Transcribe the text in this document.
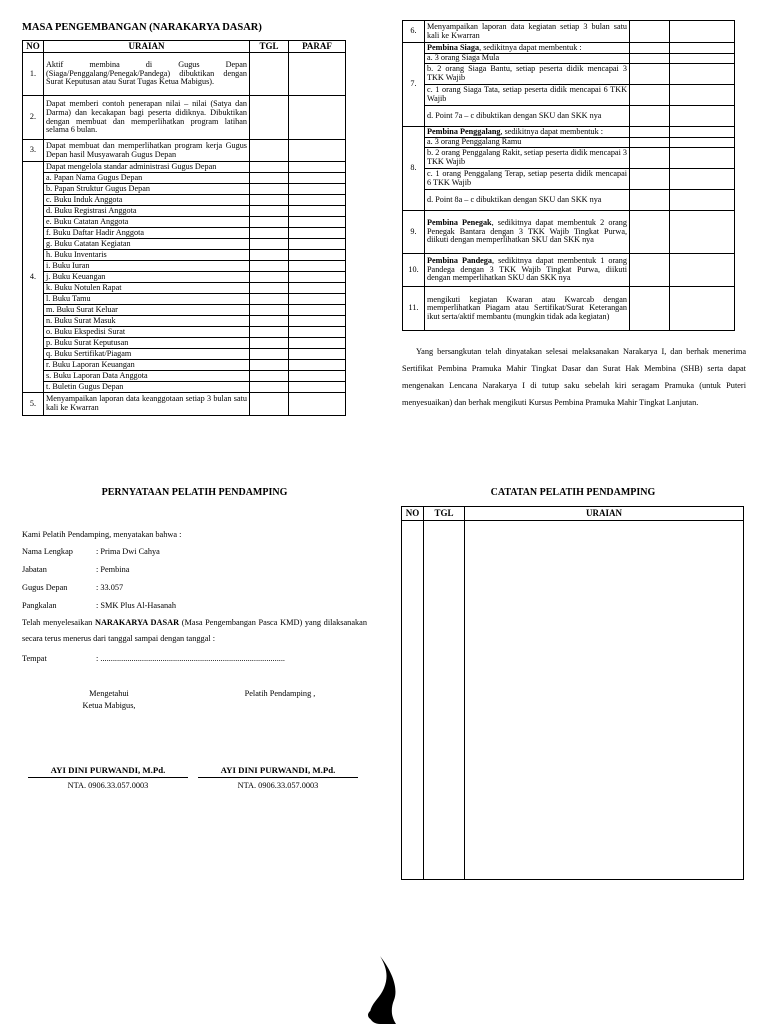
MASA PENGEMBANGAN (NARAKARYA DASAR)
NO	URAIAN	TGL	PARAF
1.	Aktif membina di Gugus Depan (Siaga/Penggalang/Penegak/Pandega) dibuktikan dengan Surat Keputusan atau Surat Tugas Ketua Mabigus).		
2.	Dapat memberi contoh penerapan nilai – nilai (Satya dan Darma) dan kecakapan bagi peserta didiknya. Dibuktikan dengan membuat dan memperlihatkan program latihan selama 6 bulan.		
3.	Dapat membuat dan memperlihatkan program kerja Gugus Depan hasil Musyawarah Gugus Depan		
4.	Dapat mengelola standar administrasi Gugus Depan		
	a. Papan Nama Gugus Depan		
	b. Papan Struktur Gugus Depan		
	c. Buku Induk Anggota		
	d. Buku Registrasi Anggota		
	e. Buku Catatan Anggota		
	f. Buku Daftar Hadir Anggota		
	g. Buku Catatan Kegiatan		
	h. Buku Inventaris		
	i. Buku Iuran		
	j. Buku Keuangan		
	k. Buku Notulen Rapat		
	l. Buku Tamu		
	m. Buku Surat Keluar		
	n. Buku Surat Masuk		
	o. Buku Ekspedisi Surat		
	p. Buku Surat Keputusan		
	q. Buku Sertifikat/Piagam		
	r. Buku Laporan Keuangan		
	s. Buku Laporan Data Anggota		
	t. Buletin Gugus Depan		
5.	Menyampaikan laporan data keanggotaan setiap 3 bulan satu kali ke Kwarran		
PERNYATAAN PELATIH PENDAMPING
Kami Pelatih Pendamping, menyatakan bahwa :
Nama Lengkap	: Prima Dwi Cahya
Jabatan	: Pembina
Gugus Depan	: 33.057
Pangkalan	: SMK Plus Al-Hasanah
Telah menyelesaikan NARAKARYA DASAR (Masa Pengembangan Pasca KMD) yang dilaksanakan secara terus menerus dari tanggal sampai dengan tanggal :
Tempat	: .........................................................................................
Mengetahui
Ketua Mabigus,
Pelatih Pendamping ,
AYI DINI PURWANDI, M.Pd.
NTA. 0906.33.057.0003
AYI DINI PURWANDI, M.Pd.
NTA. 0906.33.057.0003
6.	Menyampaikan laporan data kegiatan setiap 3 bulan satu kali ke Kwarran		
7.	Pembina Siaga, sedikitnya dapat membentuk :		
	a. 3 orang Siaga Mula		
	b. 2 orang Siaga Bantu, setiap peserta didik mencapai 3 TKK Wajib		
	c. 1 orang Siaga Tata, setiap peserta didik mencapai 6 TKK Wajib		
	d. Point 7a – c dibuktikan dengan SKU dan SKK nya		
8.	Pembina Penggalang, sedikitnya dapat membentuk :		
	a. 3 orang Penggalang Ramu		
	b. 2 orang Penggalang Rakit, setiap peserta didik mencapai 3 TKK Wajib		
	c. 1 orang Penggalang Terap, setiap peserta didik mencapai 6 TKK Wajib		
	d. Point 8a – c dibuktikan dengan SKU dan SKK nya		
9.	Pembina Penegak, sedikitnya dapat membentuk 2 orang Penegak Bantara dengan 3 TKK Wajib Tingkat Purwa, diikuti dengan memperlihatkan SKU dan SKK nya		
10.	Pembina Pandega, sedikitnya dapat membentuk 1 orang Pandega dengan 3 TKK Wajib Tingkat Purwa, diikuti dengan memperlihatkan SKU dan SKK nya		
11.	mengikuti kegiatan Kwaran atau Kwarcab dengan memperlihatkan Piagam atau Sertifikat/Surat Keterangan ikut serta/aktif membantu (mungkin tidak ada kegiatan)		
Yang bersangkutan telah dinyatakan selesai melaksanakan Narakarya I, dan berhak menerima Sertifikat Pembina Pramuka Mahir Tingkat Dasar dan Surat Hak Membina (SHB) serta dapat mengenakan Lencana Narakarya I di tutup saku sebelah kiri seragam Pramuka (untuk Puteri menyesuaikan) dan berhak mengikuti Kursus Pembina Pramuka Mahir Tingkat Lanjutan.
CATATAN PELATIH PENDAMPING
NO	TGL	URAIAN
